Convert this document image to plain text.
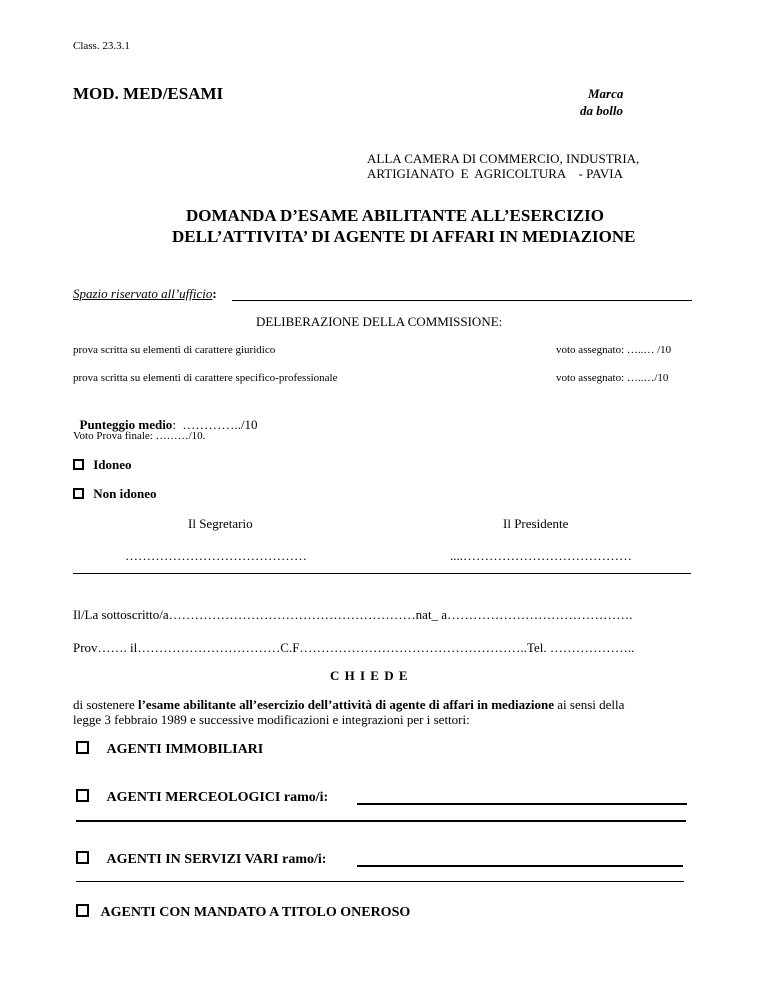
Class. 23.3.1
MOD. MED/ESAMI	Marca
da bollo
ALLA CAMERA DI COMMERCIO, INDUSTRIA,
ARTIGIANATO  E  AGRICOLTURA    - PAVIA
DOMANDA D’ESAME ABILITANTE ALL’ESERCIZIO
DELL’ATTIVITA’ DI AGENTE DI AFFARI IN MEDIAZIONE
Spazio riservato all’ufficio:
DELIBERAZIONE DELLA COMMISSIONE:
prova scritta su elementi di carattere giuridico	voto assegnato: …..… /10
prova scritta su elementi di carattere specifico-professionale	voto assegnato: …..…/10

Punteggio medio:  …………../10

Voto Prova finale: ………/10.
Idoneo
Non idoneo
Il Segretario	Il Presidente
……………………………………	....…………………………………
Il/La sottoscritto/a…………………………………………………nat_ a…………………………………….
Prov……. il……………………………C.F……………………………………………..Tel. ………………..
C H I E D E
di sostenere l’esame abilitante all’esercizio dell’attività di agente di affari in mediazione ai sensi della
legge 3 febbraio 1989 e successive modificazioni e integrazioni per i settori:
AGENTI IMMOBILIARI
AGENTI MERCEOLOGICI ramo/i:
AGENTI IN SERVIZI VARI ramo/i:
AGENTI CON MANDATO A TITOLO ONEROSO
